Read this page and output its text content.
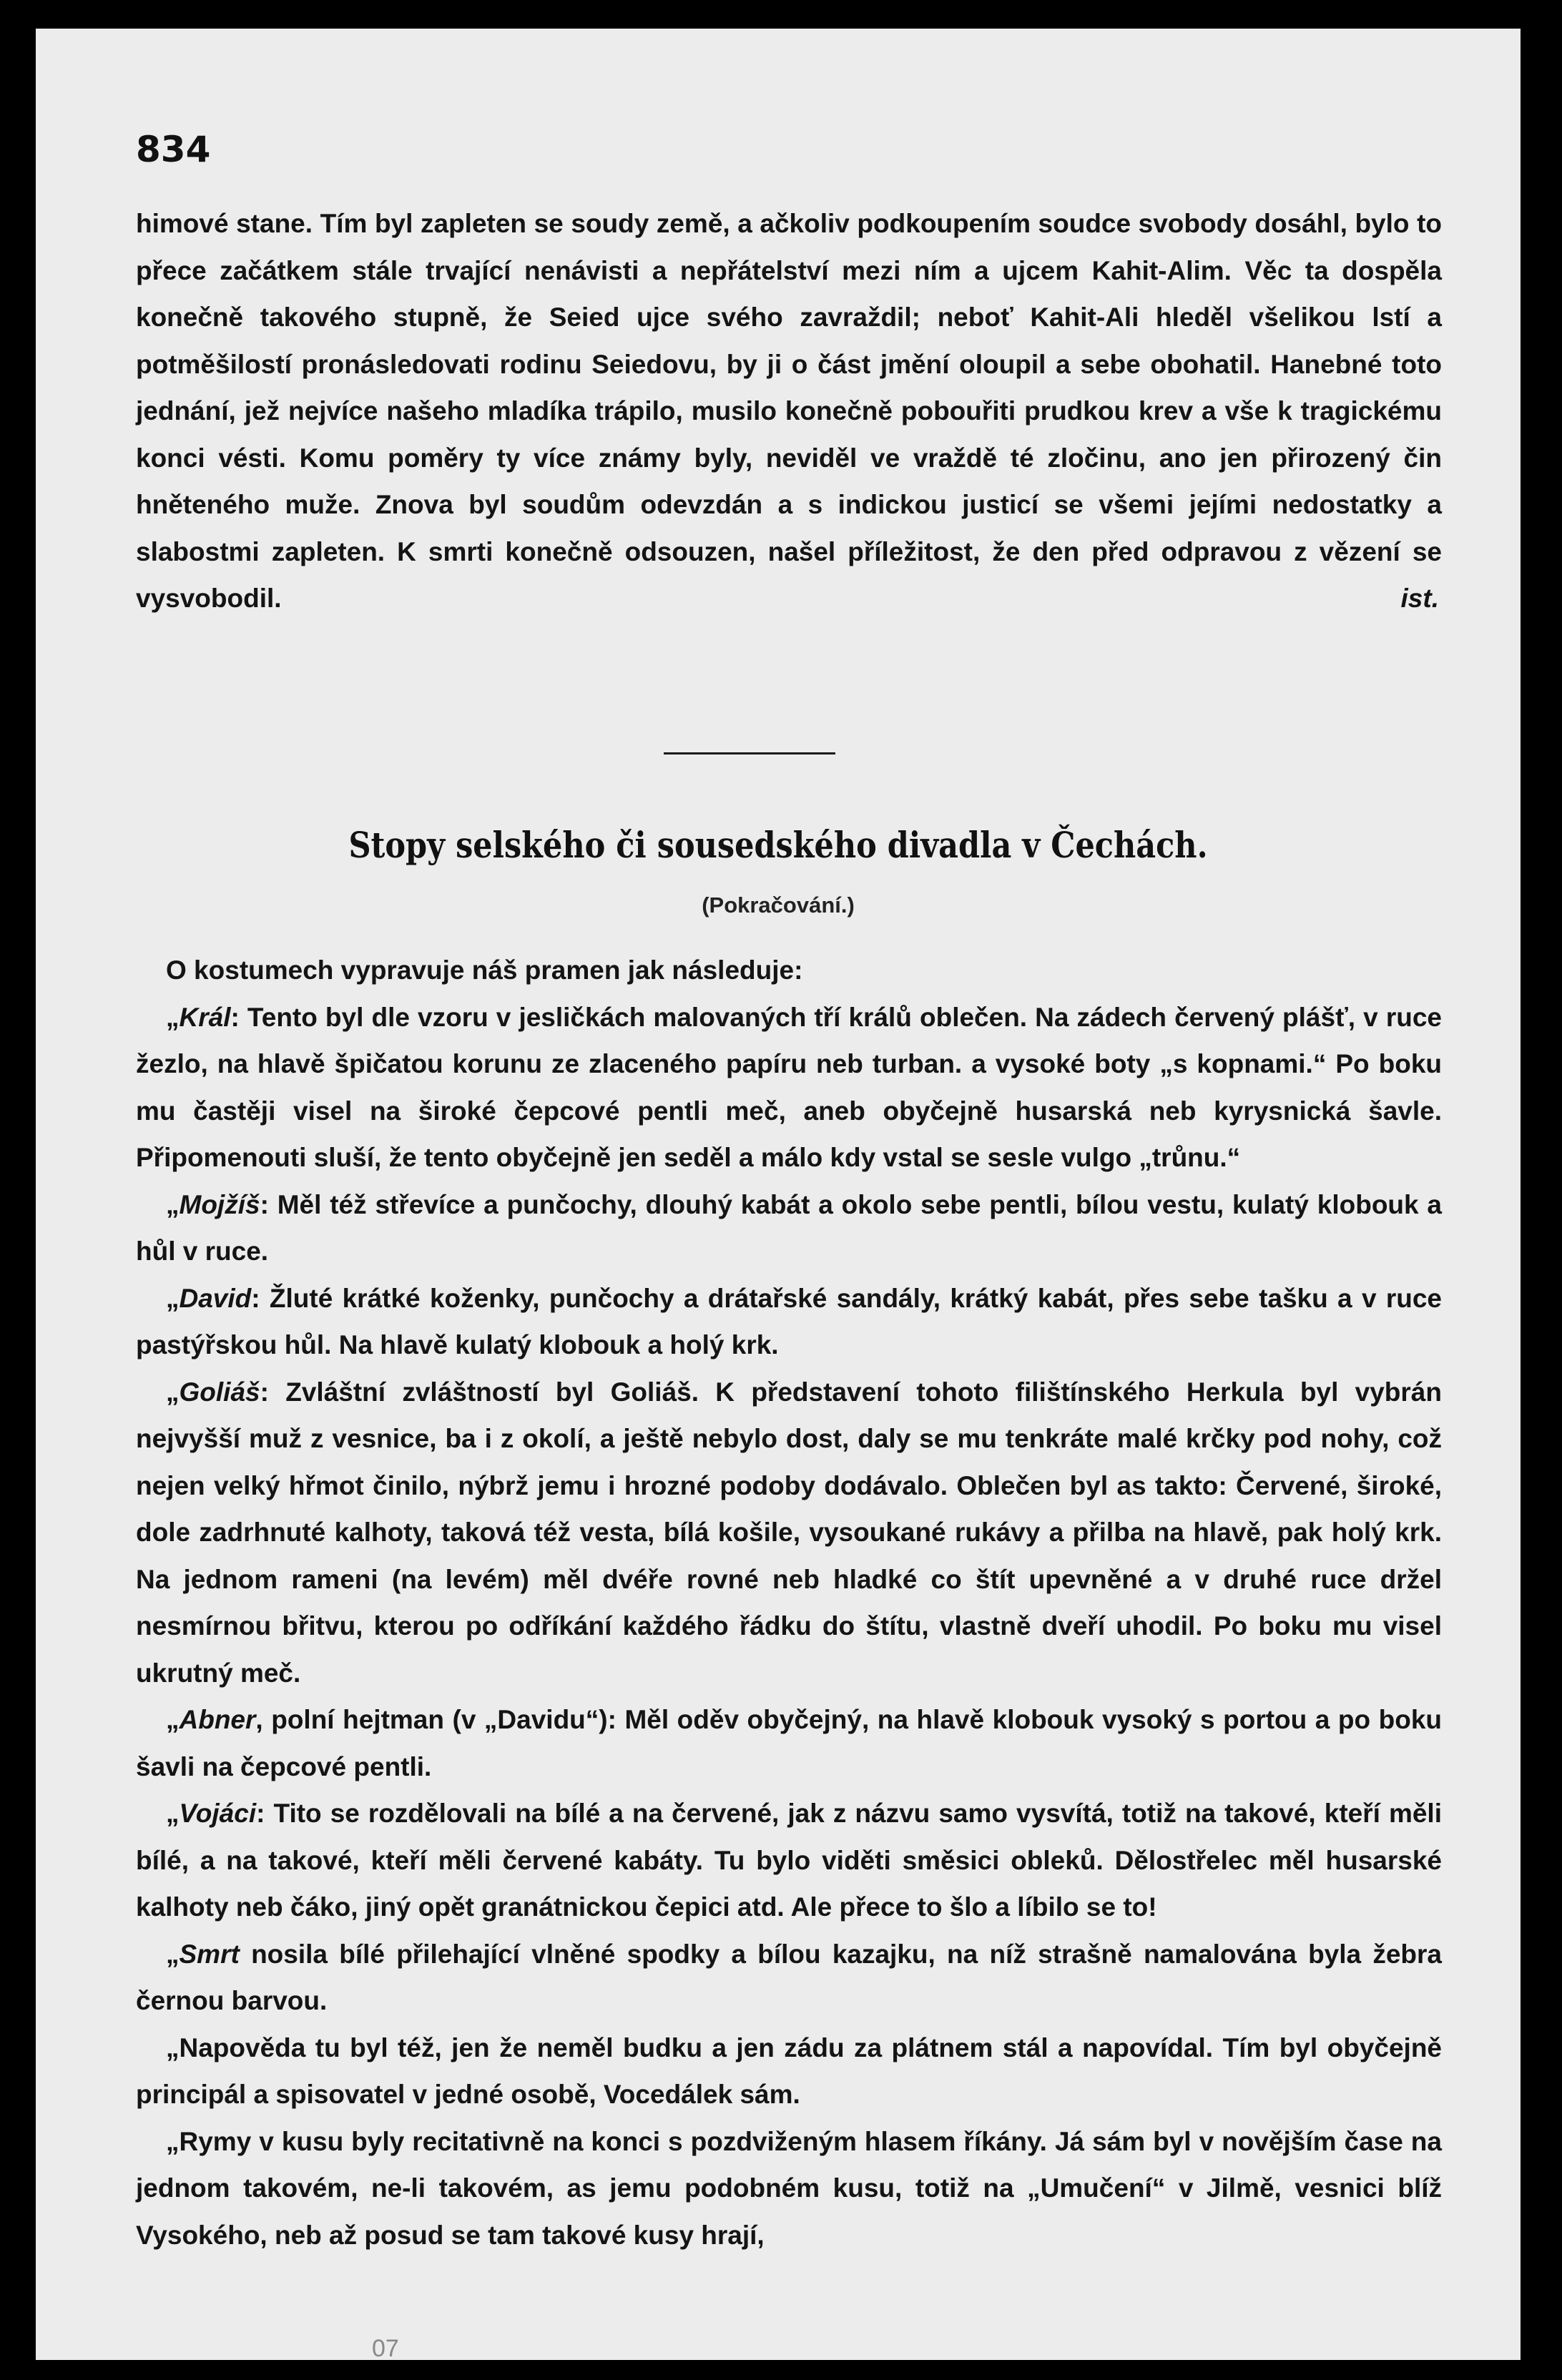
834

himové stane. Tím byl zapleten se soudy země, a ačkoliv podkoupením soudce svobody dosáhl, bylo to přece začátkem stále trvající nenávisti a nepřátelství mezi ním a ujcem Kahit-Alim. Věc ta dospěla konečně takového stupně, že Seied ujce svého zavraždil; neboť Kahit-Ali hleděl všelikou lstí a potměšilostí pronásledovati rodinu Seiedovu, by ji o část jmění oloupil a sebe obohatil. Hanebné toto jednání, jež nejvíce našeho mladíka trápilo, musilo konečně pobouřiti prudkou krev a vše k tragickému konci vésti. Komu poměry ty více známy byly, neviděl ve vraždě té zločinu, ano jen přirozený čin hněteného muže. Znova byl soudům odevzdán a s indickou justicí se všemi jejími nedostatky a slabostmi zapleten. K smrti konečně odsouzen, našel příležitost, že den před odpravou z vězení se vysvobodil.	ist.
Stopy selského či sousedského divadla v Čechách.
(Pokračování.)

O kostumech vypravuje náš pramen jak následuje:

„Král: Tento byl dle vzoru v jesličkách malovaných tří králů oblečen. Na zádech červený plášť, v ruce žezlo, na hlavě špičatou korunu ze zlaceného papíru neb turban. a vysoké boty „s kopnami.“ Po boku mu častěji visel na široké čepcové pentli meč, aneb obyčejně husarská neb kyrysnická šavle. Připomenouti sluší, že tento obyčejně jen seděl a málo kdy vstal se sesle vulgo „trůnu.“

„Mojžíš: Měl též střevíce a punčochy, dlouhý kabát a okolo sebe pentli, bílou vestu, kulatý klobouk a hůl v ruce.

„David: Žluté krátké koženky, punčochy a drátařské sandály, krátký kabát, přes sebe tašku a v ruce pastýřskou hůl. Na hlavě kulatý klobouk a holý krk.

„Goliáš: Zvláštní zvláštností byl Goliáš. K představení tohoto filištínského Herkula byl vybrán nejvyšší muž z vesnice, ba i z okolí, a ještě nebylo dost, daly se mu tenkráte malé krčky pod nohy, což nejen velký hřmot činilo, nýbrž jemu i hrozné podoby dodávalo. Oblečen byl as takto: Červené, široké, dole zadrhnuté kalhoty, taková též vesta, bílá košile, vysoukané rukávy a přilba na hlavě, pak holý krk. Na jednom rameni (na levém) měl dvéře rovné neb hladké co štít upevněné a v druhé ruce držel nesmírnou břitvu, kterou po odříkání každého řádku do štítu, vlastně dveří uhodil. Po boku mu visel ukrutný meč.

„Abner, polní hejtman (v „Davidu“): Měl oděv obyčejný, na hlavě klobouk vysoký s portou a po boku šavli na čepcové pentli.

„Vojáci: Tito se rozdělovali na bílé a na červené, jak z názvu samo vysvítá, totiž na takové, kteří měli bílé, a na takové, kteří měli červené kabáty. Tu bylo viděti směsici obleků. Dělostřelec měl husarské kalhoty neb čáko, jiný opět granátnickou čepici atd. Ale přece to šlo a líbilo se to!

„Smrt nosila bílé přilehající vlněné spodky a bílou kazajku, na níž strašně namalována byla žebra černou barvou.

„Napověda tu byl též, jen že neměl budku a jen zádu za plátnem stál a napovídal. Tím byl obyčejně principál a spisovatel v jedné osobě, Vocedálek sám.

„Rymy v kusu byly recitativně na konci s pozdviženým hlasem říkány. Já sám byl v novějším čase na jednom takovém, ne-li takovém, as jemu podobném kusu, totiž na „Umučení“ v Jilmě, vesnici blíž Vysokého, neb až posud se tam takové kusy hrají,

07
